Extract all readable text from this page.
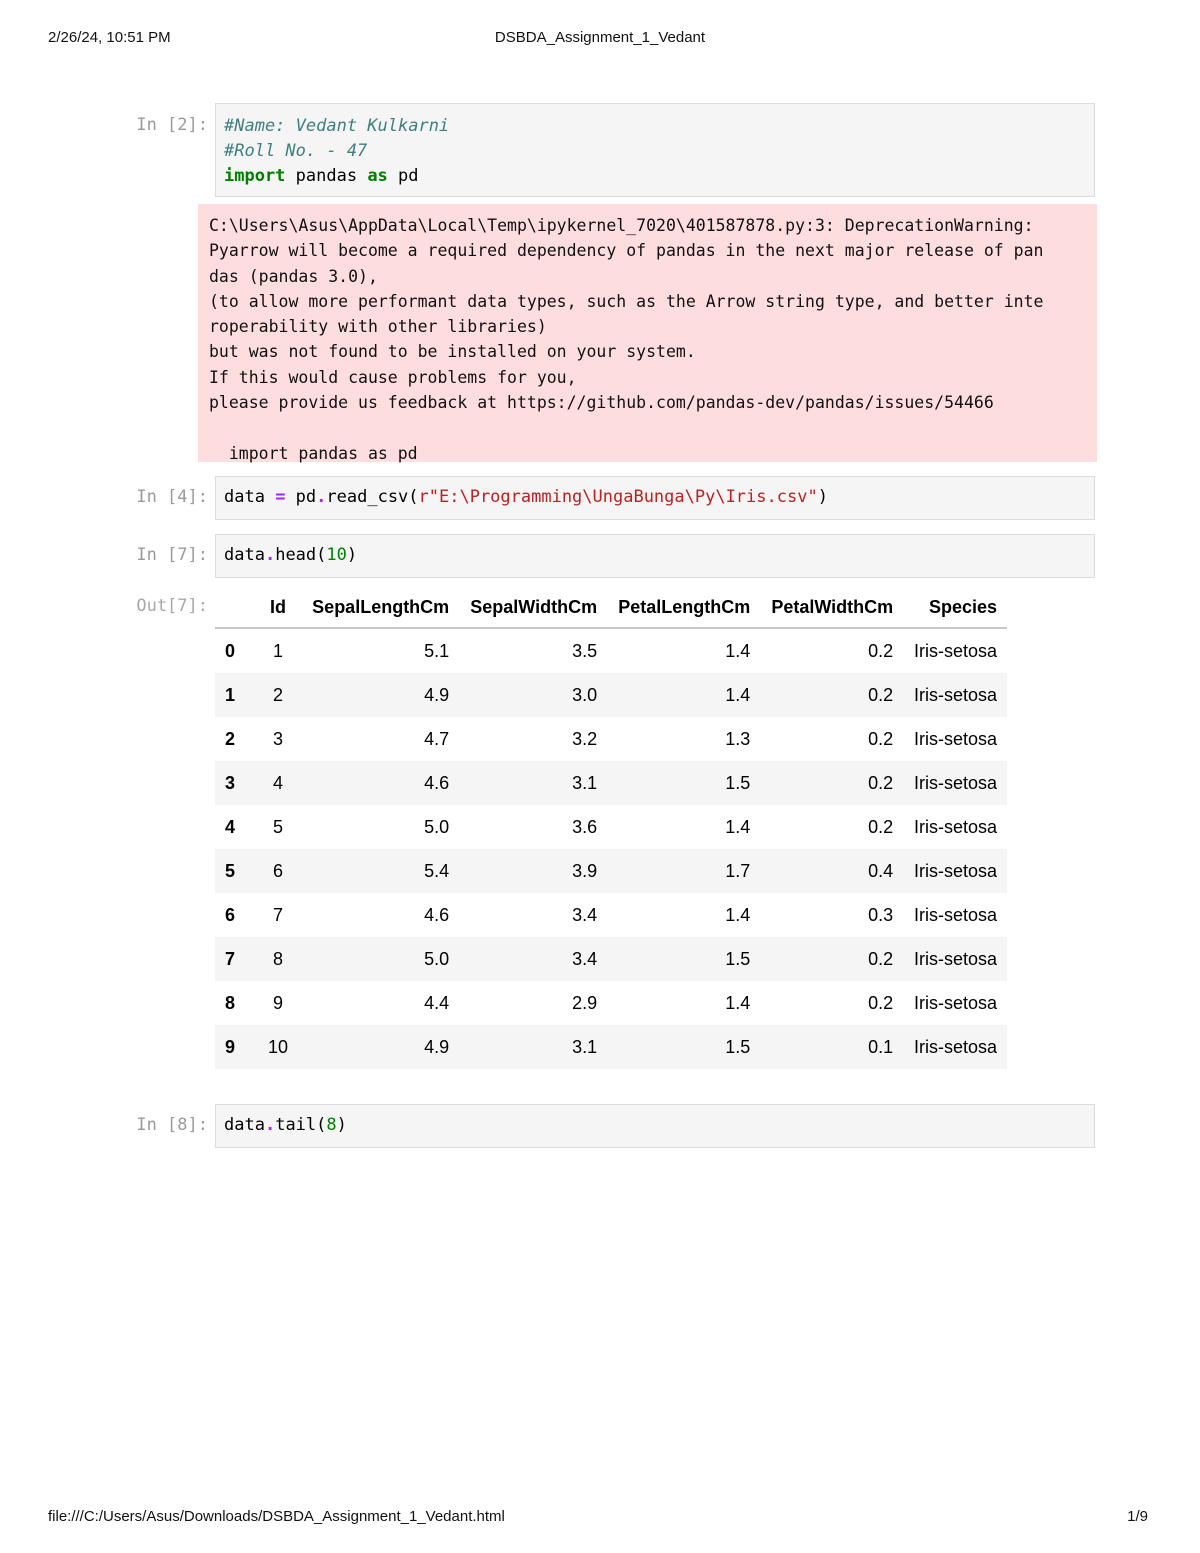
2/26/24, 10:51 PM	DSBDA_Assignment_1_Vedant
In [2]: #Name: Vedant Kulkarni
#Roll No. - 47
import pandas as pd
C:\Users\Asus\AppData\Local\Temp\ipykernel_7020\401587878.py:3: DeprecationWarning:
Pyarrow will become a required dependency of pandas in the next major release of pan
das (pandas 3.0),
(to allow more performant data types, such as the Arrow string type, and better inte
roperability with other libraries)
but was not found to be installed on your system.
If this would cause problems for you,
please provide us feedback at https://github.com/pandas-dev/pandas/issues/54466
import pandas as pd
In [4]: data = pd.read_csv(r"E:\Programming\UngaBunga\Py\Iris.csv")
In [7]: data.head(10)
Out[7]:
		Id	SepalLengthCm	SepalWidthCm	PetalLengthCm	PetalWidthCm	Species
0	1	5.1	3.5	1.4	0.2	Iris-setosa
1	2	4.9	3.0	1.4	0.2	Iris-setosa
2	3	4.7	3.2	1.3	0.2	Iris-setosa
3	4	4.6	3.1	1.5	0.2	Iris-setosa
4	5	5.0	3.6	1.4	0.2	Iris-setosa
5	6	5.4	3.9	1.7	0.4	Iris-setosa
6	7	4.6	3.4	1.4	0.3	Iris-setosa
7	8	5.0	3.4	1.5	0.2	Iris-setosa
8	9	4.4	2.9	1.4	0.2	Iris-setosa
9	10	4.9	3.1	1.5	0.1	Iris-setosa
In [8]: data.tail(8)
file:///C:/Users/Asus/Downloads/DSBDA_Assignment_1_Vedant.html	1/9
